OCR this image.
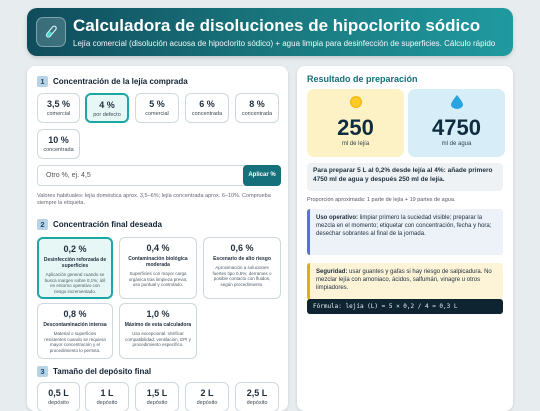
Calculadora de disoluciones de hipoclorito sódico
Lejía comercial (disolución acuosa de hipoclorito sódico) + agua limpia para desinfección de superficies. Cálculo rápido
1	Concentración de la lejía comprada
3,5 %
comercial
4 %
por defecto
5 %
comercial
6 %
concentrada
8 %
concentrada
10 %
concentrada
Otro %, ej. 4,5	Aplicar %
Valores habituales: lejía doméstica aprox. 3,5–6%; lejía concentrada aprox. 6–10%. Comprueba siempre la etiqueta.
2	Concentración final deseada
0,2 %
Desinfección reforzada de superficies
Aplicación general cuando se busca margen sobre 0,1%; útil en entorno operativo con riesgo incrementado.
0,4 %
Contaminación biológica moderada
Superficies con mayor carga orgánica tras limpieza previa; uso puntual y controlado.
0,6 %
Escenario de alto riesgo
Aproximación a soluciones fuertes tipo 0,5%; derrames o posible contacto con fluidos, según procedimiento.
0,8 %
Descontaminación intensa
Material o superficies resistentes cuando se requiera mayor concentración y el procedimiento lo permita.
1,0 %
Máximo de esta calculadora
Uso excepcional. Verificar compatibilidad, ventilación, EPI y procedimiento específico.
3	Tamaño del depósito final
0,5 L
depósito
1 L
depósito
1,5 L
depósito
2 L
depósito
2,5 L
depósito
Resultado de preparación
250
ml de lejía
4750
ml de agua
Para preparar 5 L al 0,2% desde lejía al 4%: añade primero 4750 ml de agua y después 250 ml de lejía.
Proporción aproximada: 1 parte de lejía + 19 partes de agua.
Uso operativo: limpiar primero la suciedad visible; preparar la mezcla en el momento; etiquetar con concentración, fecha y hora; desechar sobrantes al final de la jornada.
Seguridad: usar guantes y gafas si hay riesgo de salpicadura. No mezclar lejía con amoniaco, ácidos, salfumán, vinagre u otros limpiadores.
Fórmula: lejía (L) = 5 × 0,2 / 4 = 0,3 L
